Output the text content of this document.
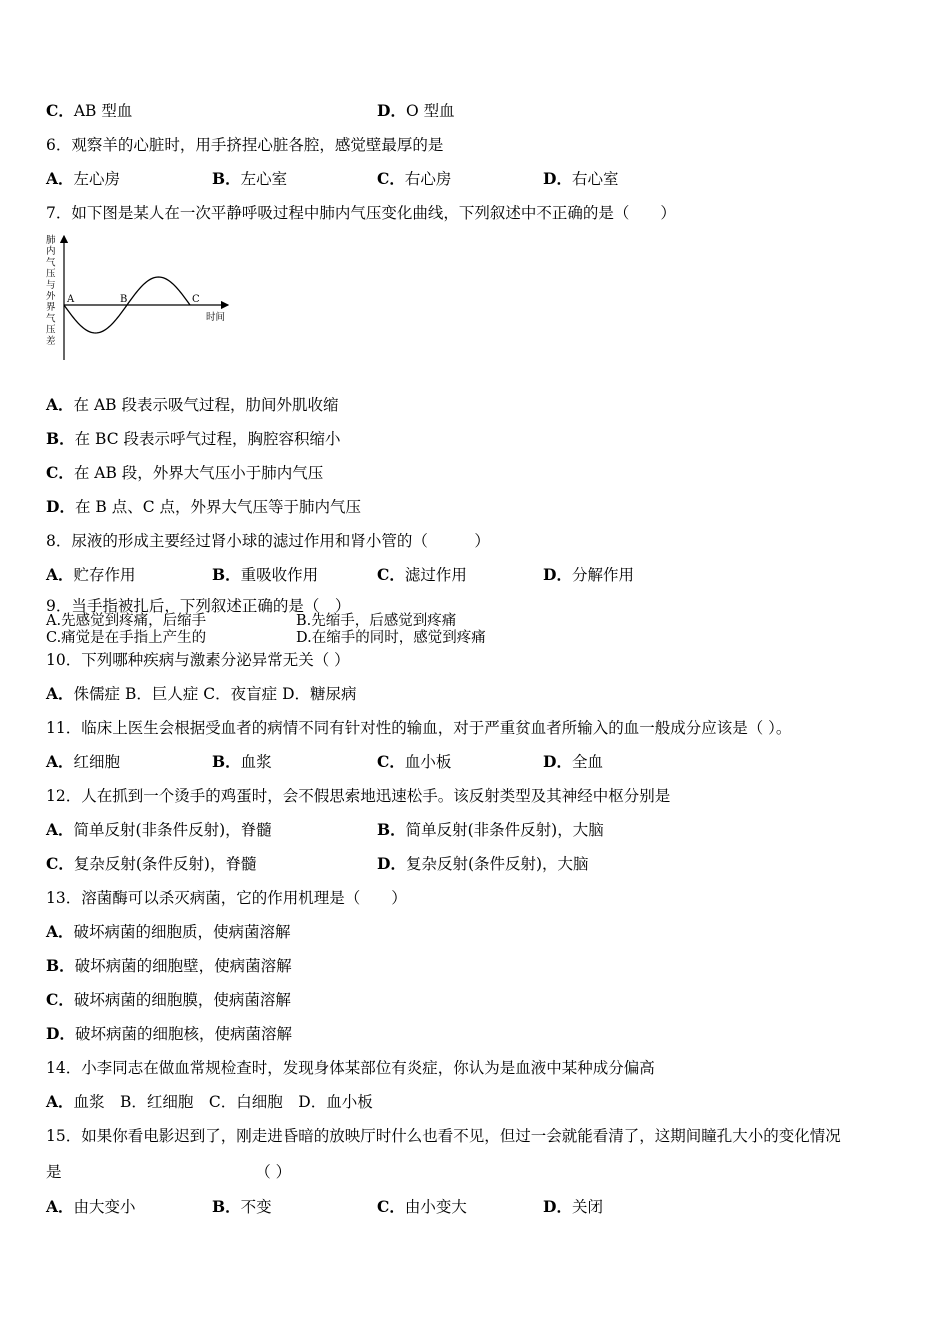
C．AB 型血	D．O 型血
6．观察羊的心脏时，用手挤捏心脏各腔，感觉壁最厚的是
A．左心房	B．左心室	C．右心房	D．右心室
7．如下图是某人在一次平静呼吸过程中肺内气压变化曲线，下列叙述中不正确的是（　　）
肺
内
气
压
与
外
界
气
压
差
时间
A	B	C
A．在 AB 段表示吸气过程，肋间外肌收缩
B．在 BC 段表示呼气过程，胸腔容积缩小
C．在 AB 段，外界大气压小于肺内气压
D．在 B 点、C 点，外界大气压等于肺内气压
8．尿液的形成主要经过肾小球的滤过作用和肾小管的（　　　）
A．贮存作用	B．重吸收作用	C．滤过作用	D．分解作用
9．当手指被扎后，下列叙述正确的是（　）
A.先感觉到疼痛，后缩手	B.先缩手，后感觉到疼痛
C.痛觉是在手指上产生的	D.在缩手的同时，感觉到疼痛
10．下列哪种疾病与激素分泌异常无关（ ）
A．侏儒症 B．巨人症 C．夜盲症 D．糖尿病
11．临床上医生会根据受血者的病情不同有针对性的输血，对于严重贫血者所输入的血一般成分应该是（ ）。
A．红细胞	B．血浆	C．血小板	D．全血
12．人在抓到一个烫手的鸡蛋时，会不假思索地迅速松手。该反射类型及其神经中枢分别是
A．简单反射(非条件反射)，脊髓	B．简单反射(非条件反射)，大脑
C．复杂反射(条件反射)，脊髓	D．复杂反射(条件反射)，大脑
13．溶菌酶可以杀灭病菌，它的作用机理是（　　）
A．破坏病菌的细胞质，使病菌溶解
B．破坏病菌的细胞壁，使病菌溶解
C．破坏病菌的细胞膜，使病菌溶解
D．破坏病菌的细胞核，使病菌溶解
14．小李同志在做血常规检查时，发现身体某部位有炎症，你认为是血液中某种成分偏高
A．血浆　B．红细胞　C．白细胞　D．血小板
15．如果你看电影迟到了，刚走进昏暗的放映厅时什么也看不见，但过一会就能看清了，这期间瞳孔大小的变化情况
是　　　　　　　　　　　　　（ ）
A．由大变小	B．不变	C．由小变大	D．关闭
